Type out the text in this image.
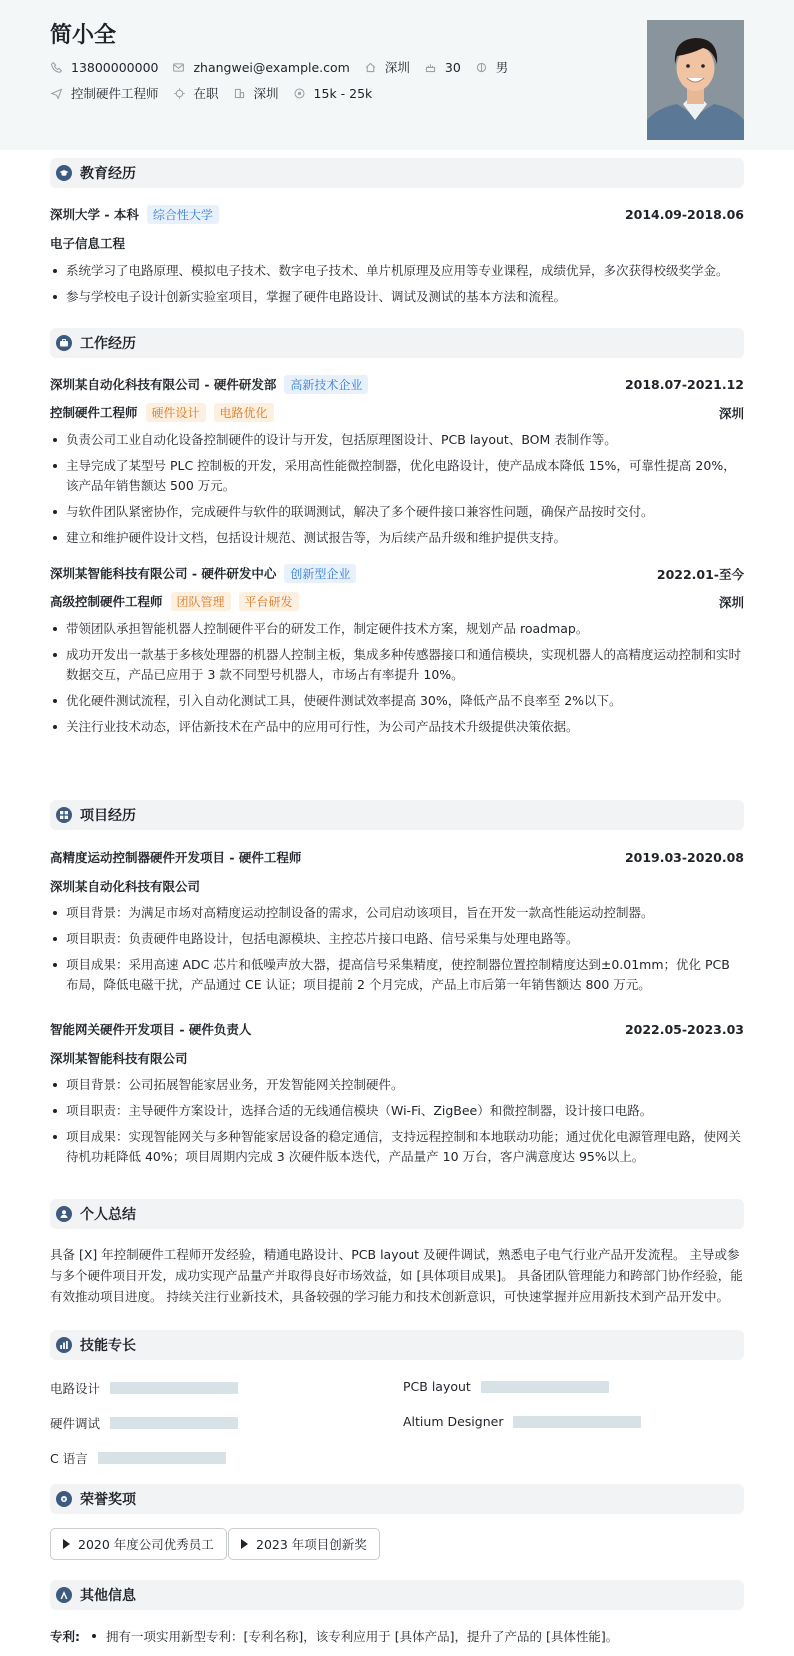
简小全
13800000000	zhangwei@example.com	深圳	30	男
控制硬件工程师	在职	深圳	15k - 25k
教育经历
深圳大学 - 本科 综合性大学	2014.09-2018.06
电子信息工程
系统学习了电路原理、模拟电子技术、数字电子技术、单片机原理及应用等专业课程，成绩优异，多次获得校级奖学金。
参与学校电子设计创新实验室项目，掌握了硬件电路设计、调试及测试的基本方法和流程。
工作经历
深圳某自动化科技有限公司 - 硬件研发部 高新技术企业	2018.07-2021.12
控制硬件工程师 硬件设计 电路优化	深圳
负责公司工业自动化设备控制硬件的设计与开发，包括原理图设计、PCB layout、BOM 表制作等。
主导完成了某型号 PLC 控制板的开发，采用高性能微控制器，优化电路设计，使产品成本降低 15%，可靠性提高 20%，该产品年销售额达 500 万元。
与软件团队紧密协作，完成硬件与软件的联调测试，解决了多个硬件接口兼容性问题，确保产品按时交付。
建立和维护硬件设计文档，包括设计规范、测试报告等，为后续产品升级和维护提供支持。
深圳某智能科技有限公司 - 硬件研发中心 创新型企业	2022.01-至今
高级控制硬件工程师 团队管理 平台研发	深圳
带领团队承担智能机器人控制硬件平台的研发工作，制定硬件技术方案，规划产品 roadmap。
成功开发出一款基于多核处理器的机器人控制主板，集成多种传感器接口和通信模块，实现机器人的高精度运动控制和实时数据交互，产品已应用于 3 款不同型号机器人，市场占有率提升 10%。
优化硬件测试流程，引入自动化测试工具，使硬件测试效率提高 30%，降低产品不良率至 2%以下。
关注行业技术动态，评估新技术在产品中的应用可行性，为公司产品技术升级提供决策依据。
项目经历
高精度运动控制器硬件开发项目 - 硬件工程师	2019.03-2020.08
深圳某自动化科技有限公司
项目背景：为满足市场对高精度运动控制设备的需求，公司启动该项目，旨在开发一款高性能运动控制器。
项目职责：负责硬件电路设计，包括电源模块、主控芯片接口电路、信号采集与处理电路等。
项目成果：采用高速 ADC 芯片和低噪声放大器，提高信号采集精度，使控制器位置控制精度达到±0.01mm；优化 PCB 布局，降低电磁干扰，产品通过 CE 认证；项目提前 2 个月完成，产品上市后第一年销售额达 800 万元。
智能网关硬件开发项目 - 硬件负责人	2022.05-2023.03
深圳某智能科技有限公司
项目背景：公司拓展智能家居业务，开发智能网关控制硬件。
项目职责：主导硬件方案设计，选择合适的无线通信模块（Wi-Fi、ZigBee）和微控制器，设计接口电路。
项目成果：实现智能网关与多种智能家居设备的稳定通信，支持远程控制和本地联动功能；通过优化电源管理电路，使网关待机功耗降低 40%；项目周期内完成 3 次硬件版本迭代，产品量产 10 万台，客户满意度达 95%以上。
个人总结
具备 [X] 年控制硬件工程师开发经验，精通电路设计、PCB layout 及硬件调试，熟悉电子电气行业产品开发流程。 主导或参与多个硬件项目开发，成功实现产品量产并取得良好市场效益，如 [具体项目成果]。 具备团队管理能力和跨部门协作经验，能有效推动项目进度。 持续关注行业新技术，具备较强的学习能力和技术创新意识，可快速掌握并应用新技术到产品开发中。
技能专长
电路设计	PCB layout
硬件调试	Altium Designer
C 语言
荣誉奖项
2020 年度公司优秀员工	2023 年项目创新奖
其他信息
专利: 拥有一项实用新型专利：[专利名称]，该专利应用于 [具体产品]，提升了产品的 [具体性能]。
